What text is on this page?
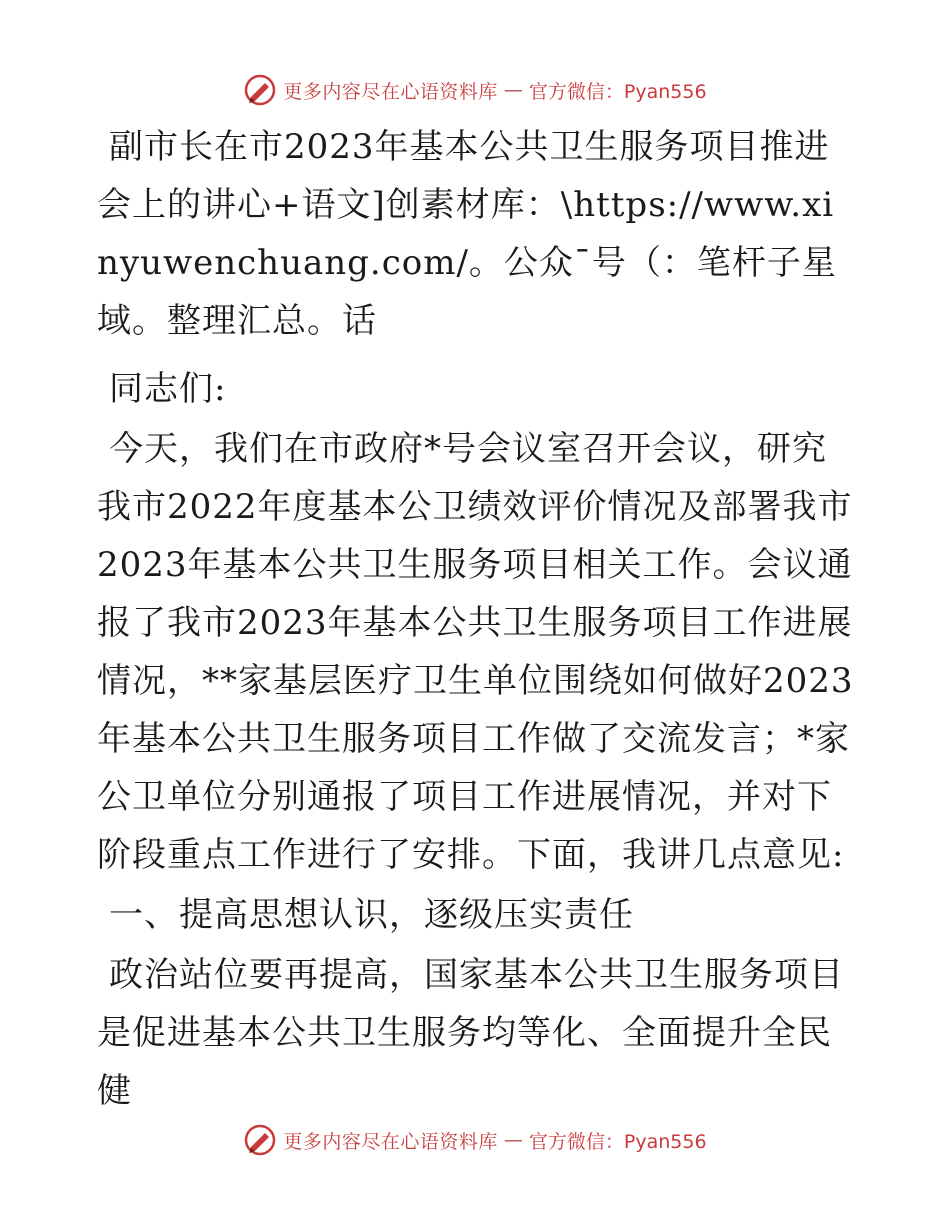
更多内容尽在心语资料库 — 官方微信：Pyan556

副市长在市2023年基本公共卫生服务项目推进会上的讲心+语文]创素材库：\https://www.xinyuwenchuang.com/。公众¯号（：笔杆子星域。整理汇总。话

同志们:

今天，我们在市政府*号会议室召开会议，研究我市2022年度基本公卫绩效评价情况及部署我市2023年基本公共卫生服务项目相关工作。会议通报了我市2023年基本公共卫生服务项目工作进展情况，**家基层医疗卫生单位围绕如何做好2023年基本公共卫生服务项目工作做了交流发言；*家公卫单位分别通报了项目工作进展情况，并对下阶段重点工作进行了安排。下面，我讲几点意见:

一、提高思想认识，逐级压实责任

政治站位要再提高，国家基本公共卫生服务项目是促进基本公共卫生服务均等化、全面提升全民健

更多内容尽在心语资料库 — 官方微信：Pyan556
